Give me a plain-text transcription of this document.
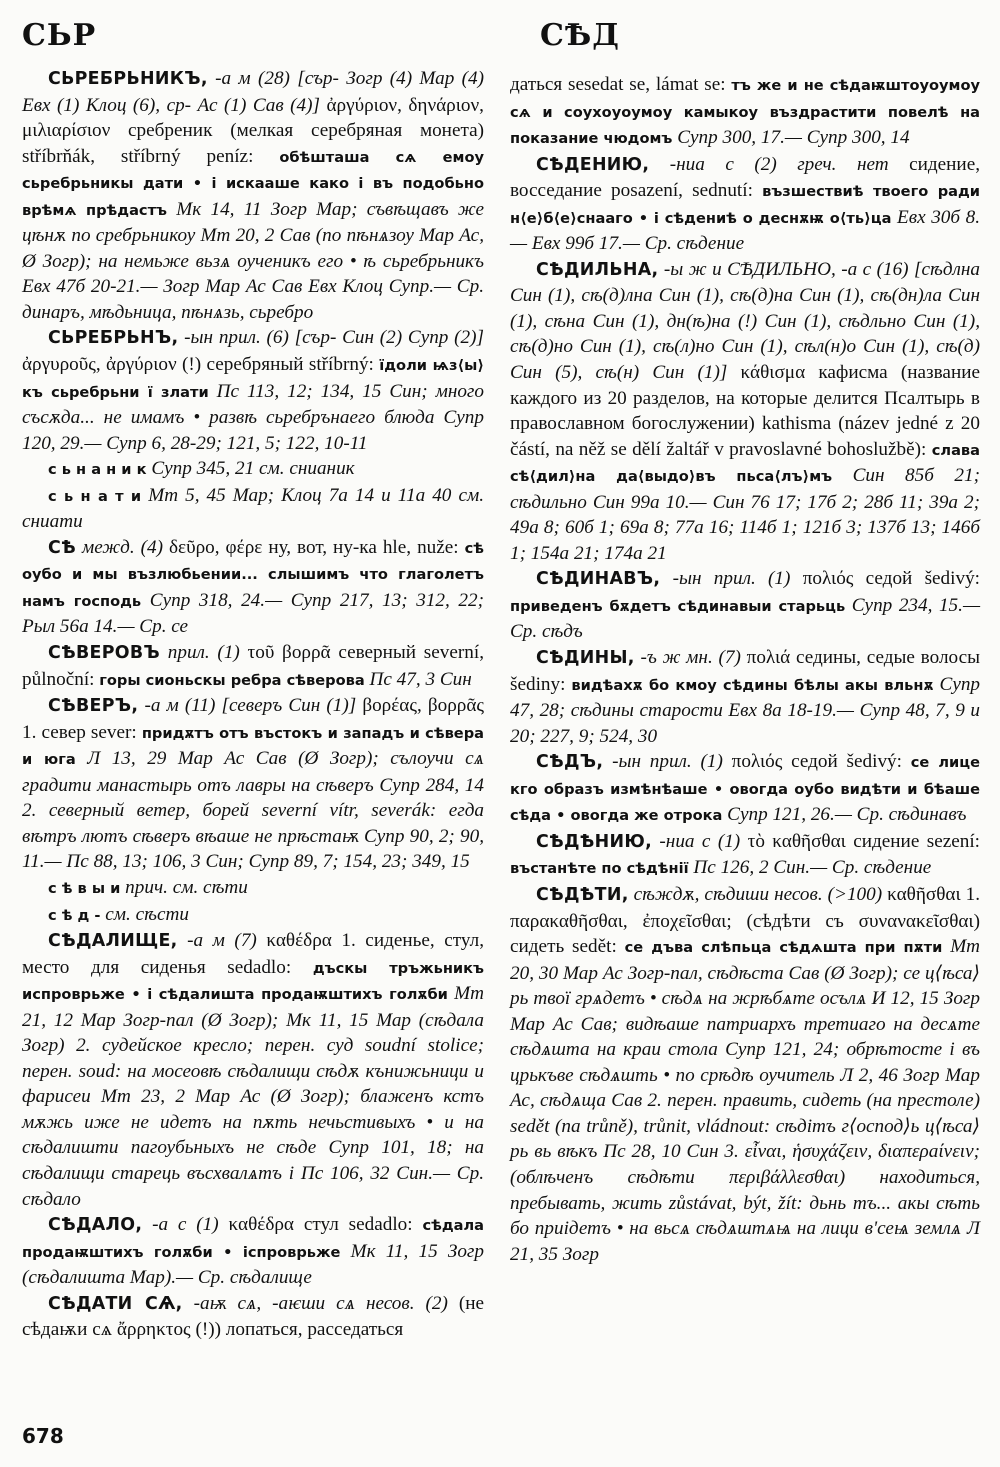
СЬР	СѢД

СЬРЕБРЬНИКЪ, -а м (28) [сър- Зогр (4) Мар (4) Евх (1) Клоц (6), ср- Ас (1) Сав (4)] ἀργύριον, δηνάριον, μιλιαρίσιον сребреник (мелкая серебряная монета) stříbrňák, stříbrný peníz: обѣшташа сѧ емоу сьребрьникы дати • і искааше како і въ подобьно врѣмѧ прѣдастъ Мк 14, 11 Зогр Мар; съвѣщавъ же цѣнѫ по сребрьникоу Мт 20, 2 Сав (по пѣнѧзоу Мар Ас, Ø Зогр); на немьже вьзѧ оученикъ его • ѣ сьребрьникъ Евх 47б 20-21.— Зогр Мар Ас Сав Евх Клоц Супр.— Ср. динаръ, мѣдьница, пѣнѧзь, сьребро

СЬРЕБРЬНЪ, -ын прил. (6) [сър- Син (2) Супр (2)] ἀργυροῦς, ἀργύριον (!) серебряный stříbrný: їдоли ѩз⟨ы⟩къ сьребрьни ї злати Пс 113, 12; 134, 15 Син; много съсѫда... не имамъ • развѣ сьребрънаего блюда Супр 120, 29.— Супр 6, 28-29; 121, 5; 122, 10-11

с ь н а н и к Супр 345, 21 см. снианик

с ь н а т и Мт 5, 45 Мар; Клоц 7а 14 и 11а 40 см. сниати

СѢ межд. (4) δεῦρο, φέρε ну, вот, ну-ка hle, nuže: сѣ оубо и мы възлюбьении... слышимъ что глаголетъ намъ господь Супр 318, 24.— Супр 217, 13; 312, 22; Рыл 56а 14.— Ср. се

СѢВЕРОВЪ прил. (1) τοῦ βορρᾶ северный severní, půlnoční: горы сионьскы ребра сѣверова Пс 47, 3 Син

СѢВЕРЪ, -а м (11) [северъ Син (1)] βορέας, βορρᾶς 1. север sever: придѫтъ отъ въстокъ и западъ и сѣвера и юга Л 13, 29 Мар Ас Сав (Ø Зогр); сълоучи сѧ градити манастырь отъ лавры на сѣверъ Супр 284, 14 2. северный ветер, борей severní vítr, severák: егда вѣтръ лютъ сѣверъ вѣаше не прѣстаѭ Супр 90, 2; 90, 11.— Пс 88, 13; 106, 3 Син; Супр 89, 7; 154, 23; 349, 15

с ѣ в ы и прич. см. сѣти

с ѣ д - см. сѣсти

СѢДАЛИЩЕ, -а м (7) καθέδρα 1. сиденье, стул, место для сиденья sedadlo: дъскы тръжьникъ испроврьже • і сѣдалишта продаѭштихъ голѫби Мт 21, 12 Мар Зогр-пал (Ø Зогр); Мк 11, 15 Мар (сѣдала Зогр) 2. судейское кресло; перен. суд soudní stolice; перен. soud: на мосеовѣ сѣдалищи сѣдѫ кънижьници и фарисеи Мт 23, 2 Мар Ас (Ø Зогр); блаженъ кстъ мѫжь иже не идетъ на пѫть нечьстивыхъ • и на сѣдалишти пагоубьныхъ не сѣде Супр 101, 18; на сѣдалищи старець въсхвалѧтъ і Пс 106, 32 Син.— Ср. сѣдало

СѢДАЛО, -а с (1) καθέδρα стул sedadlo: сѣдала продаѭштихъ голѫби • іспроврьже Мк 11, 15 Зогр (сѣдалишта Мар).— Ср. сѣдалище

СѢДАТИ СѦ, -аѭ сѧ, -аѥши сѧ несов. (2) (не сѣдаѭи сѧ ἄρρηκτος (!)) лопаться, расседаться

даться sesedat se, lámat se: тъ же и не сѣдаѭштоуоумоу сѧ и соухоуоумоу камыкоу въздрастити повелѣ на показание чюдомъ Супр 300, 17.— Супр 300, 14

СѢДЕНИЮ, -ниа с (2) греч. нет сидение, восседание posazení, sednutí: възшествиѣ твоего ради н⟨е⟩б⟨е⟩снааго • і сѣдениѣ о деснѫѭ о⟨ть⟩ца Евх 30б 8.— Евх 99б 17.— Ср. сѣдение

СѢДИЛЬНА, -ы ж и СѢДИЛЬНО, -а с (16) [сѣдлна Син (1), сѣ(д)лна Син (1), сѣ(д)на Син (1), сѣ(дн)ла Син (1), сѣна Син (1), дн(ѣ)на (!) Син (1), сѣдльно Син (1), сѣ(д)но Син (1), сѣ(л)но Син (1), сѣл(н)о Син (1), сѣ(д) Син (5), сѣ(н) Син (1)] κάθισμα кафисма (название каждого из 20 разделов, на которые делится Псалтырь в православном богослужении) kathisma (název jedné z 20 částí, na něž se dělí žaltář v pravoslavné bohoslužbě): слава сѣ⟨дил⟩на да⟨выдо⟩въ пьса⟨лъ⟩мъ Син 85б 21; сѣдильно Син 99а 10.— Син 76 17; 17б 2; 28б 11; 39а 2; 49а 8; 60б 1; 69а 8; 77а 16; 114б 1; 121б 3; 137б 13; 146б 1; 154а 21; 174а 21

СѢДИНАВЪ, -ын прил. (1) πολιός седой šedivý: приведенъ бѫдетъ сѣдинавыи старьць Супр 234, 15.— Ср. сѣдъ

СѢДИНЫ, -ъ ж мн. (7) πολιά седины, седые волосы šediny: видѣахѫ бо кмоу сѣдины бѣлы акы вльнѫ Супр 47, 28; сѣдины старости Евх 8а 18-19.— Супр 48, 7, 9 и 20; 227, 9; 524, 30

СѢДЪ, -ын прил. (1) πολιός седой šedivý: се лице кго образъ измѣнѣаше • овогда оубо видѣти и бѣаше сѣда • овогда же отрока Супр 121, 26.— Ср. сѣдинавъ

СѢДѢНИЮ, -ниа с (1) τὸ καθῆσθαι сидение sezení: въстанѣте по сѣдѣнії Пс 126, 2 Син.— Ср. сѣдение

СѢДѢТИ, сѣждѫ, сѣдиши несов. (>100) καθῆσθαι 1. παρακαθῆσθαι, ἐποχεῖσθαι; (сѣдѣти съ συνανακεῖσθαι) сидеть sedět: се дъва слѣпьца сѣдѧшта при пѫти Мт 20, 30 Мар Ас Зогр-пал, сѣдѣста Сав (Ø Зогр); се ц⟨ѣса⟩рь твої грѧдетъ • сѣдѧ на жрѣбѧте осълѧ И 12, 15 Зогр Мар Ас Сав; видѣаше патриархъ третиаго на десѧте сѣдѧшта на краи стола Супр 121, 24; обрѣтосте і въ црькъве сѣдѧшть • по срѣдѣ оучитель Л 2, 46 Зогр Мар Ас, сѣдѧща Сав 2. перен. править, сидеть (на престоле) sedět (na trůně), trůnit, vládnout: сѣдітъ г⟨оспод⟩ь ц⟨ѣса⟩рь вь вѣкъ Пс 28, 10 Син 3. εἶναι, ἡσυχάζειν, διαπερaίνειν; (облѣченъ сѣдѣти περιβάλλεσθαι) находиться, пребывать, жить zůstávat, být, žít: дьнь тъ... акы сѣть бо приідетъ • на вьсѧ сѣдѧштѧѩ на лици в'сеѩ землѧ Л 21, 35 Зогр

678
